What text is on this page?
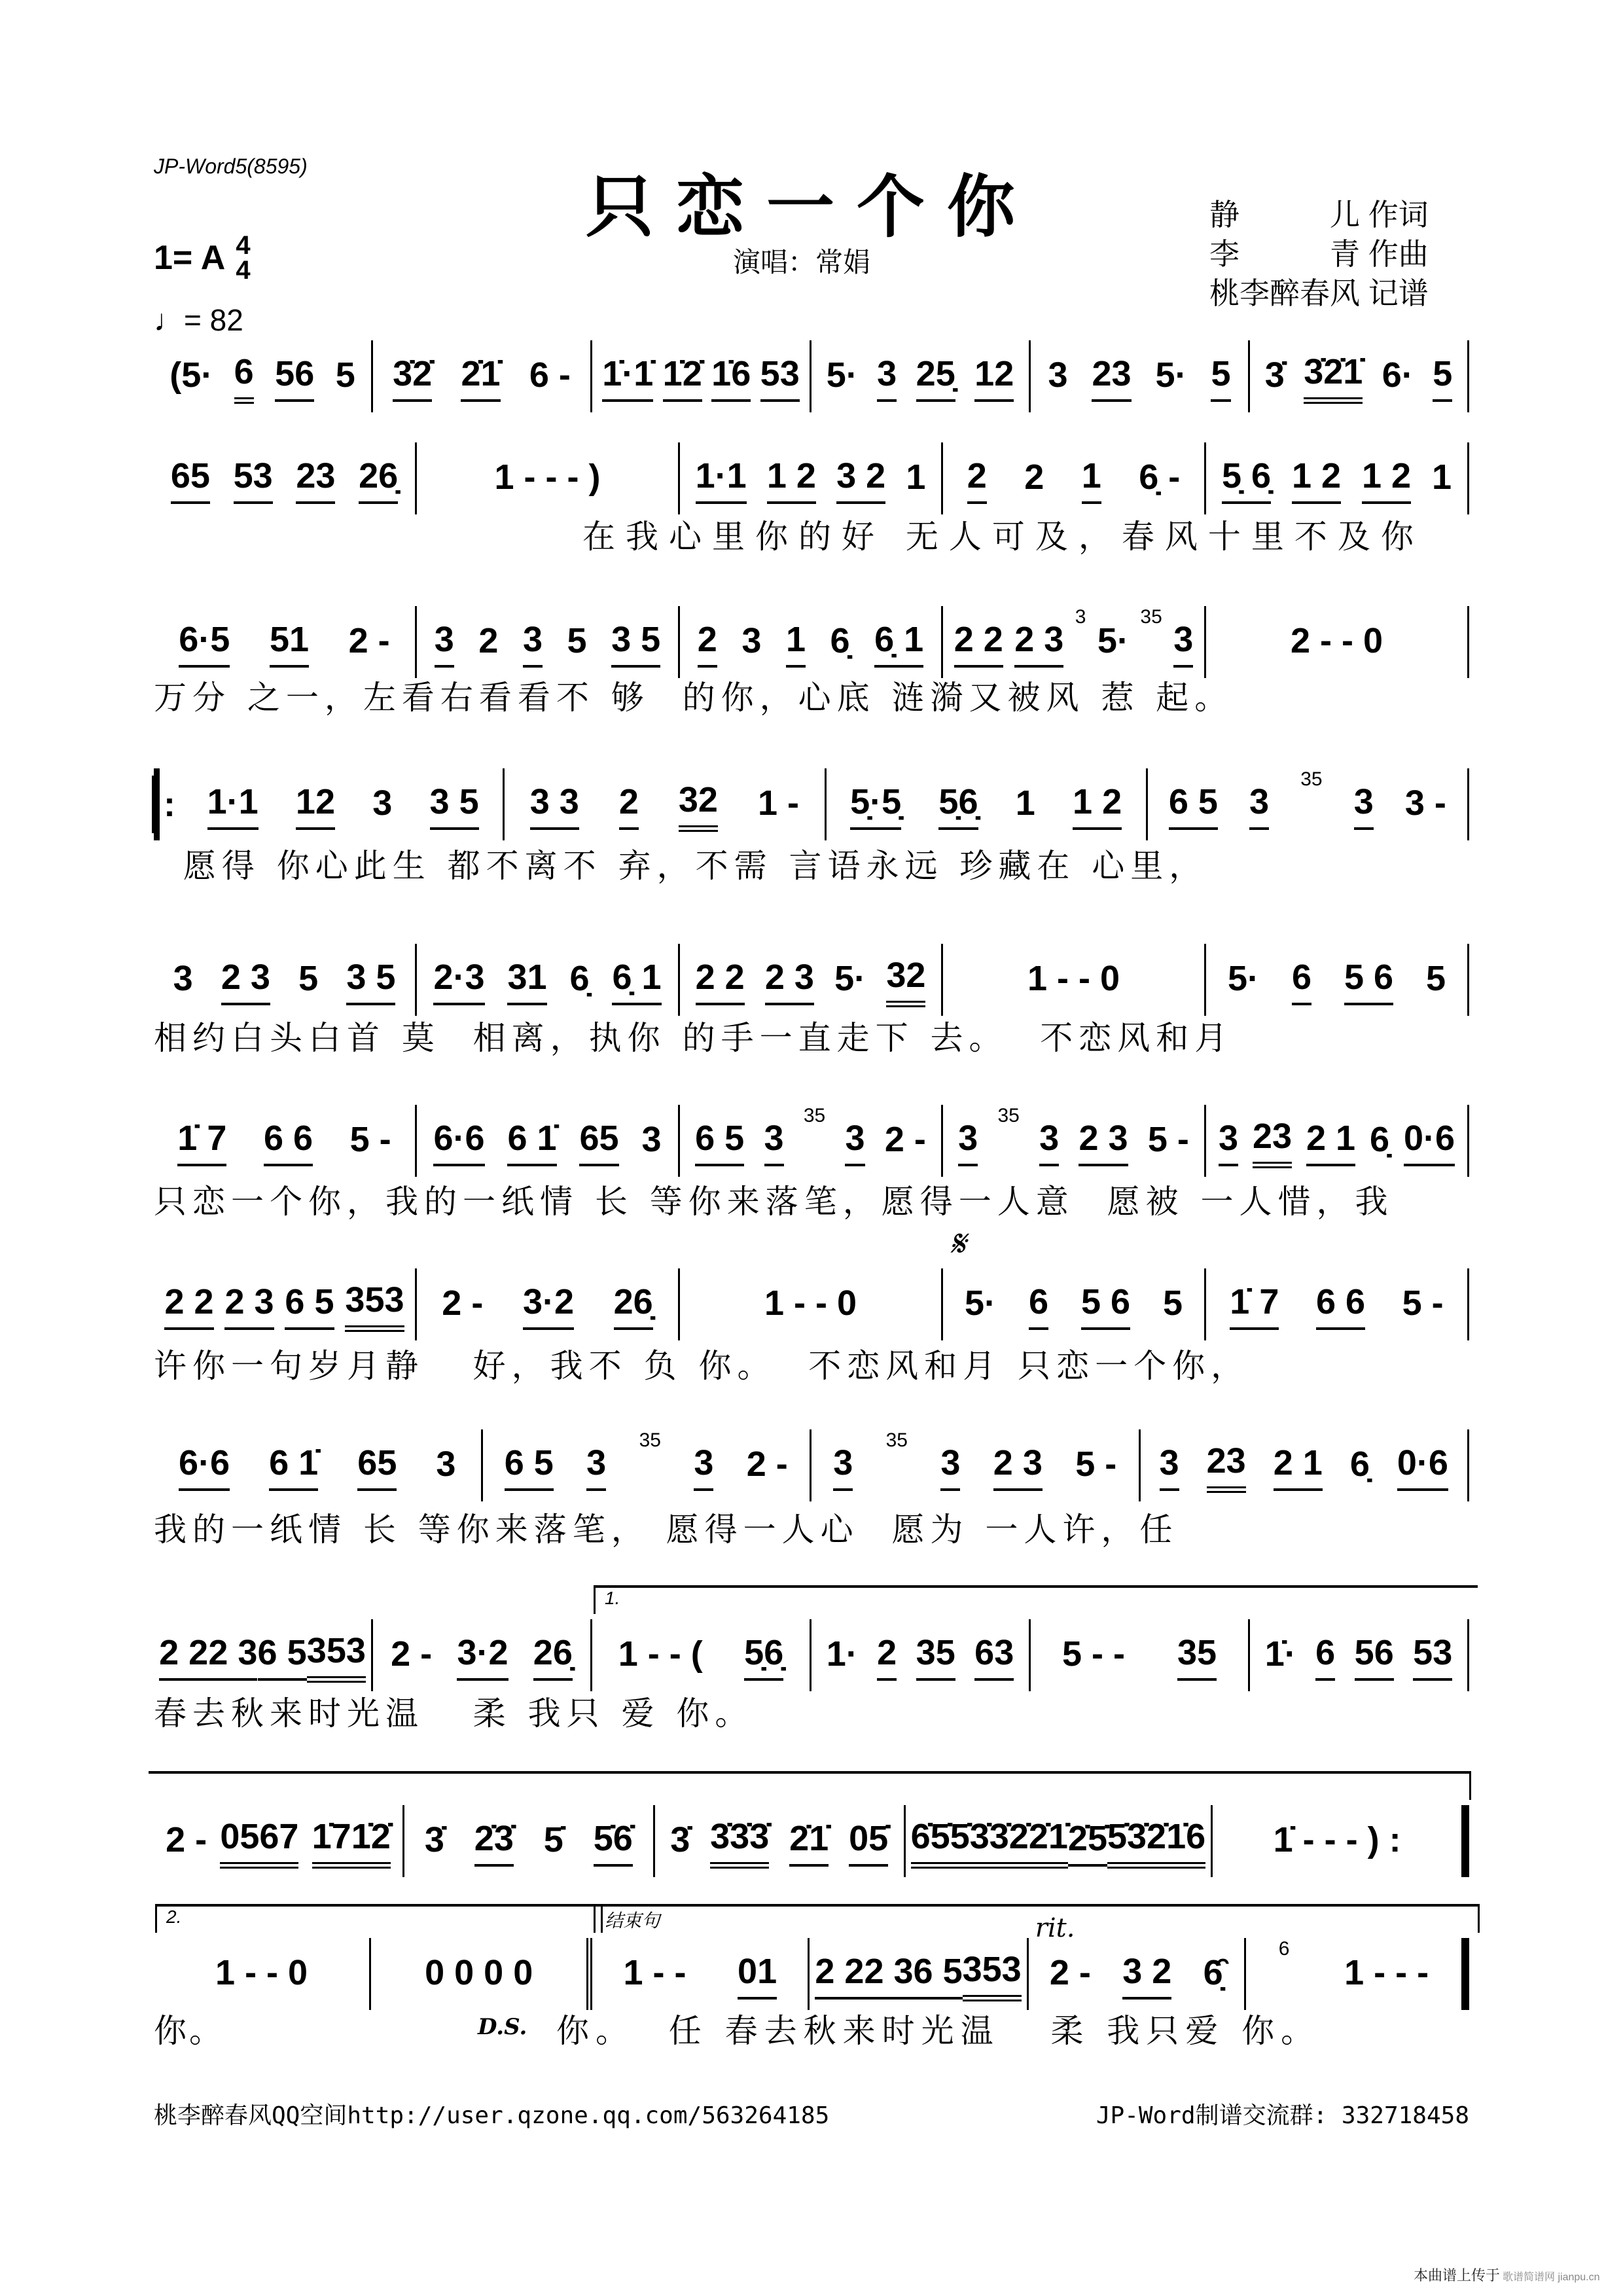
JP-Word5(8595)	只恋一个你
演唱：常娟
静　　　儿 作词
李　　　青 作曲
桃李醉春风 记谱
1= A 4
4
♩= 82
(5· 6 56 5 3̇2̇ 2̇1̇ 6 - 1̇·1̇ 1̇2̇ 1̇6 53 5· 3 25̣ 12 3 23 5· 5 3̇ 3̇2̇1̇ 6· 5
65 53 23 26̣	1 - - - )	1·1 1 2 3 2 1 2 2 1 6̣ - 5̣ 6̣ 1 2 1 2 1
6·5 51 2 - 3 2 3 5 3 5 2 3 1 6̣ 6̣ 1 2 2 2 3
3
5·
35
3	2 - - 0
: 1·1 12 3 3 5 3 3 2 32 1 - 5̣·5̣ 5̣6̣ 1 1 2 6 5 3
35
3 3 -
3 2 3 5 3 5 2·3 31 6̣ 6̣ 1 2 2 2 3 5· 32	1 - - 0	5· 6 5 6 5
1̇ 7 6 6 5 - 6·6 6 1̇ 65 3 6 5 3
35
3 2 - 3
35
3 2 3 5 - 3 23 2 1 6̣ 0·6
2 2 2 3 6 5 353 2 - 3·2 26̣	1 - - 0	5· 6 5 6 5 1̇ 7 6 6 5 -
6·6 6 1̇ 65 3 6 5 3
35
3 2 - 3
35
3 2 3 5 - 3 23 2 1 6̣ 0·6
2 2 2 3 6 5 353 2 - 3·2 26̣ 1 - - ( 5̣6̣ 1· 2 35 63 5 - - 35 1̇· 6 56 53
2 - 0567 1̇71̇2̇ 3̇ 2̇3̇ 5̇ 5̇6̇ 3̇ 3̇3̇3̇ 2̇1̇ 05̇ 6̇5̇5̇3̇ 3̇2̇2̇1̇ 2̇5̇ 5̇3̇2̇1̇6 1̇ - - - ) :
1 - - 0	0 0 0 0	1 - - 01 2 2 2 3 6 5 353 2 - 3 2 6̣̑
6
1 - - -
桃李醉春风QQ空间http://user.qzone.qq.com/563264185	JP-Word制谱交流群: 332718458
本曲谱上传于 歌谱简谱网 jianpu.cn
在我心里你的好 无人可及，春风十里不及你
万分 之一，左看右看看不 够  的你，心底 涟漪又被风 惹 起。
愿得 你心此生 都不离不 弃，不需 言语永远 珍藏在 心里，
相约白头白首 莫  相离，执你 的手一直走下 去。  不恋风和月
只恋一个你，我的一纸情 长 等你来落笔，愿得一人意  愿被 一人惜，我
𝄋
许你一句岁月静   好，我不 负 你。  不恋风和月 只恋一个你，
我的一纸情 长 等你来落笔， 愿得一人心  愿为 一人许，任
1.
春去秋来时光温   柔 我只 爱 你。
2.	结束句	rit.
你。	D.S. 你。  任 春去秋来时光温   柔 我只爱 你。
